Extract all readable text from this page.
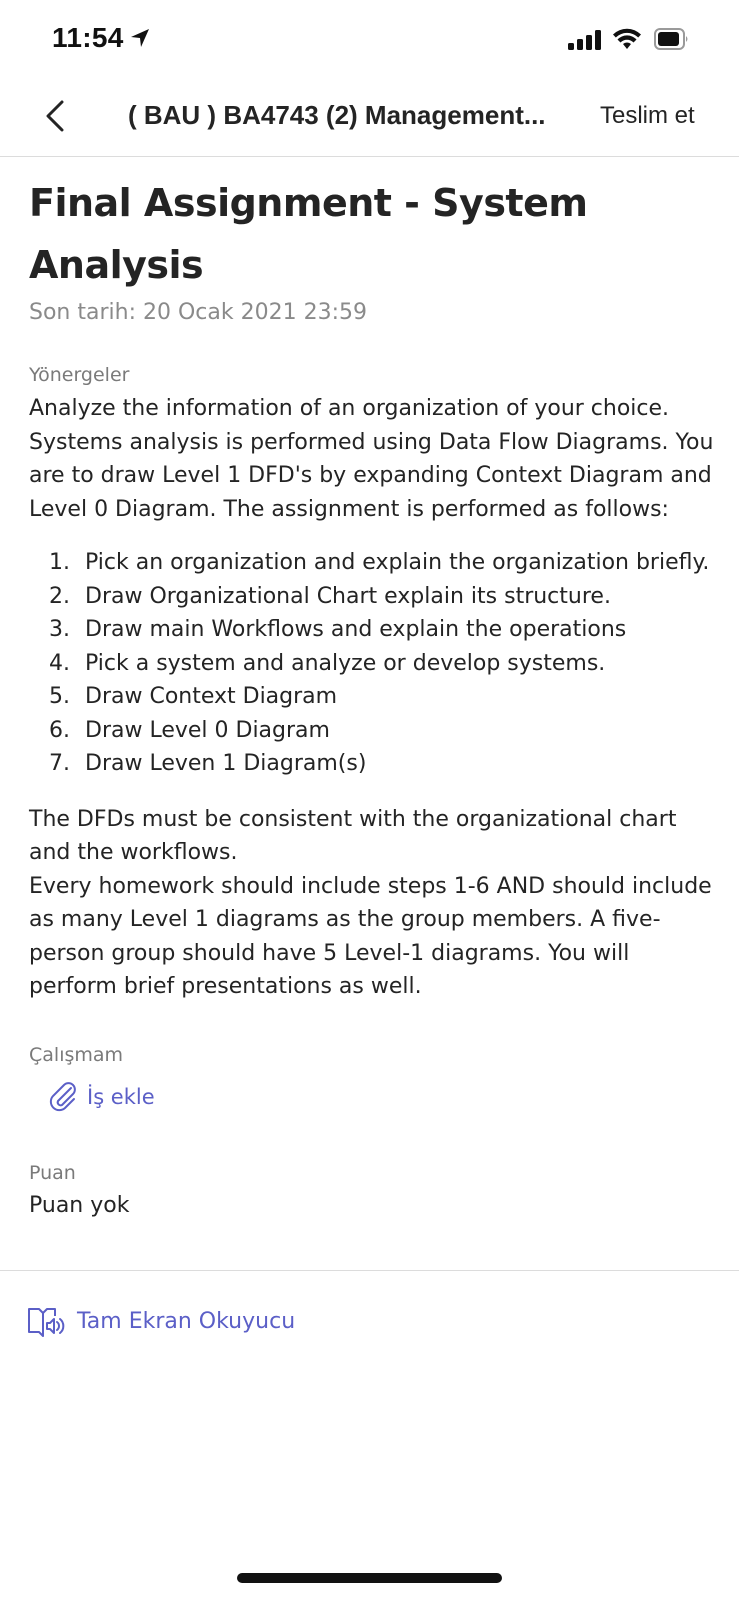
11:54
( BAU ) BA4743 (2) Management...	Teslim et
Final Assignment - System Analysis
Son tarih: 20 Ocak 2021 23:59
Yönergeler

Analyze the information of an organization of your choice. Systems analysis is performed using Data Flow Diagrams. You are to draw Level 1 DFD's by expanding Context Diagram and Level 0 Diagram. The assignment is performed as follows:

1. Pick an organization and explain the organization briefly.
2. Draw Organizational Chart explain its structure.
3. Draw main Workflows and explain the operations
4. Pick a system and analyze or develop systems.
5. Draw Context Diagram
6. Draw Level 0 Diagram
7. Draw Leven 1 Diagram(s)

The DFDs must be consistent with the organizational chart and the workflows.

Every homework should include steps 1-6 AND should include as many Level 1 diagrams as the group members. A five-person group should have 5 Level-1 diagrams. You will perform brief presentations as well.

Çalışmam
İş ekle
Puan
Puan yok
Tam Ekran Okuyucu
